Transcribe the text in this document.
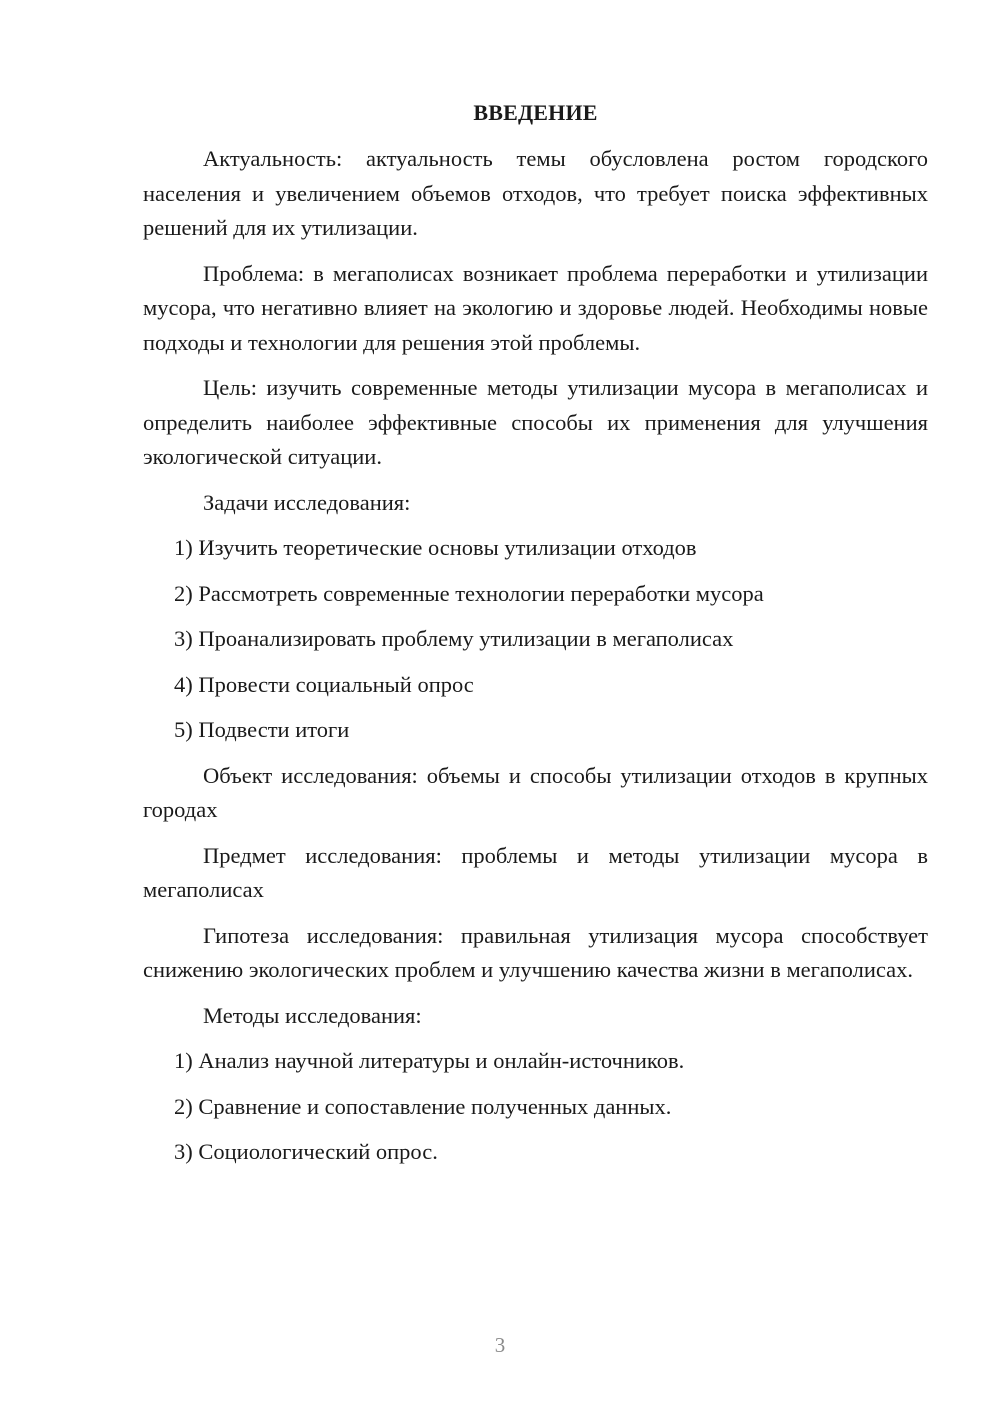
ВВЕДЕНИЕ

Актуальность: актуальность темы обусловлена ростом городского населения и увеличением объемов отходов, что требует поиска эффективных решений для их утилизации.

Проблема: в мегаполисах возникает проблема переработки и утилизации мусора, что негативно влияет на экологию и здоровье людей. Необходимы новые подходы и технологии для решения этой проблемы.

Цель: изучить современные методы утилизации мусора в мегаполисах и определить наиболее эффективные способы их применения для улучшения экологической ситуации.

Задачи исследования:

1) Изучить теоретические основы утилизации отходов
2) Рассмотреть современные технологии переработки мусора
3) Проанализировать проблему утилизации в мегаполисах
4) Провести социальный опрос
5) Подвести итоги

Объект исследования: объемы и способы утилизации отходов в крупных городах

Предмет исследования: проблемы и методы утилизации мусора в мегаполисах

Гипотеза исследования: правильная утилизация мусора способствует снижению экологических проблем и улучшению качества жизни в мегаполисах.

Методы исследования:

1) Анализ научной литературы и онлайн-источников.
2) Сравнение и сопоставление полученных данных.
3) Социологический опрос.
3
